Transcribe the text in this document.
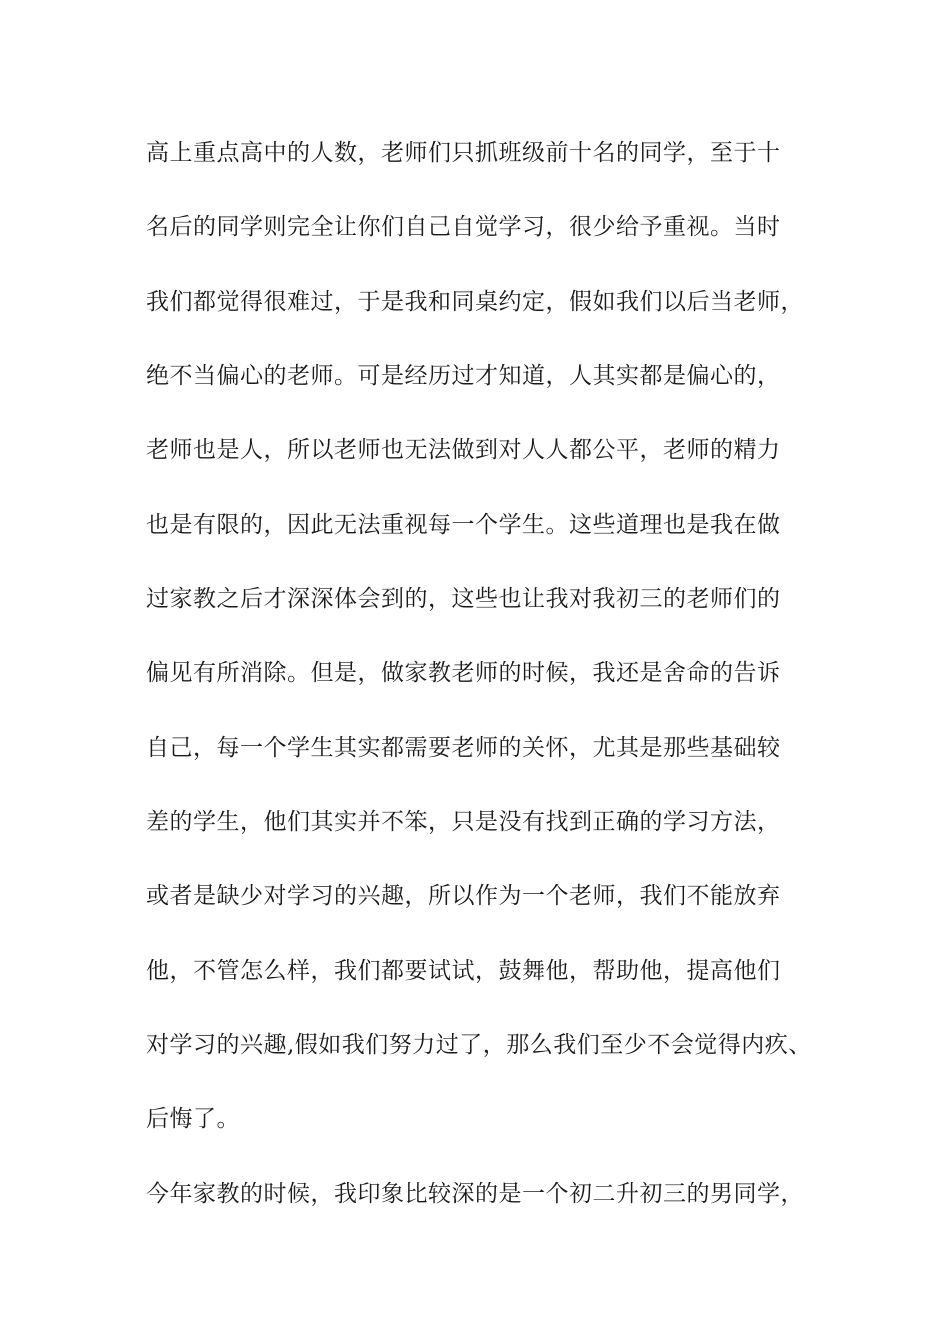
高上重点高中的人数，老师们只抓班级前十名的同学，至于十
名后的同学则完全让你们自己自觉学习，很少给予重视。当时
我们都觉得很难过，于是我和同桌约定，假如我们以后当老师，
绝不当偏心的老师。可是经历过才知道，人其实都是偏心的，
老师也是人，所以老师也无法做到对人人都公平，老师的精力
也是有限的，因此无法重视每一个学生。这些道理也是我在做
过家教之后才深深体会到的，这些也让我对我初三的老师们的
偏见有所消除。但是，做家教老师的时候，我还是舍命的告诉
自己，每一个学生其实都需要老师的关怀，尤其是那些基础较
差的学生，他们其实并不笨，只是没有找到正确的学习方法，
或者是缺少对学习的兴趣，所以作为一个老师，我们不能放弃
他，不管怎么样，我们都要试试，鼓舞他，帮助他，提高他们
对学习的兴趣,假如我们努力过了，那么我们至少不会觉得内疚、
后悔了。
今年家教的时候，我印象比较深的是一个初二升初三的男同学，
